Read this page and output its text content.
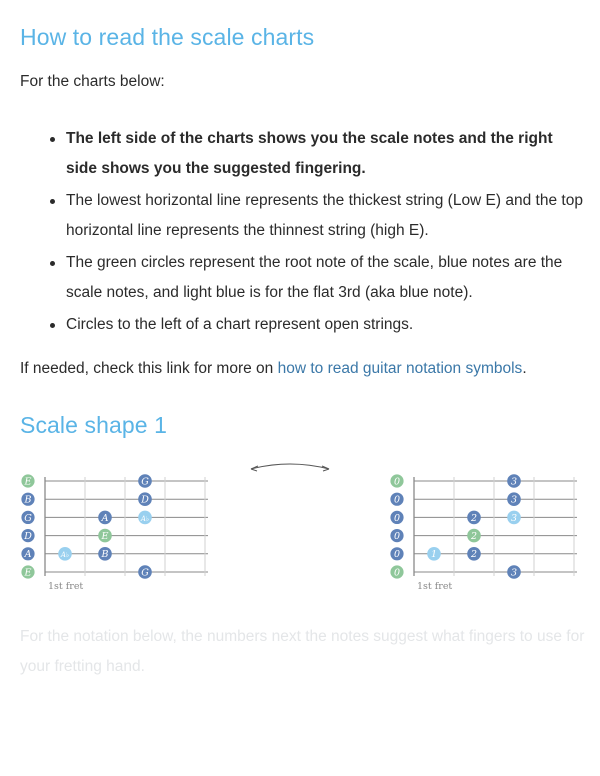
How to read the scale charts

For the charts below:

The left side of the charts shows you the scale notes and the right side shows you the suggested fingering.
The lowest horizontal line represents the thickest string (Low E) and the top horizontal line represents the thinnest string (high E).
The green circles represent the root note of the scale, blue notes are the scale notes, and light blue is for the flat 3rd (aka blue note).
Circles to the left of a chart represent open strings.

If needed, check this link for more on how to read guitar notation symbols.

Scale shape 1
1st fret
E
B
G
D
A
E
G
D
A	A♭
E
A♭	B
G
1st fret
0
0
0
0
0
0
3
3
2	3
2
1	2
3

For the notation below, the numbers next the notes suggest what fingers to use for your fretting hand.
